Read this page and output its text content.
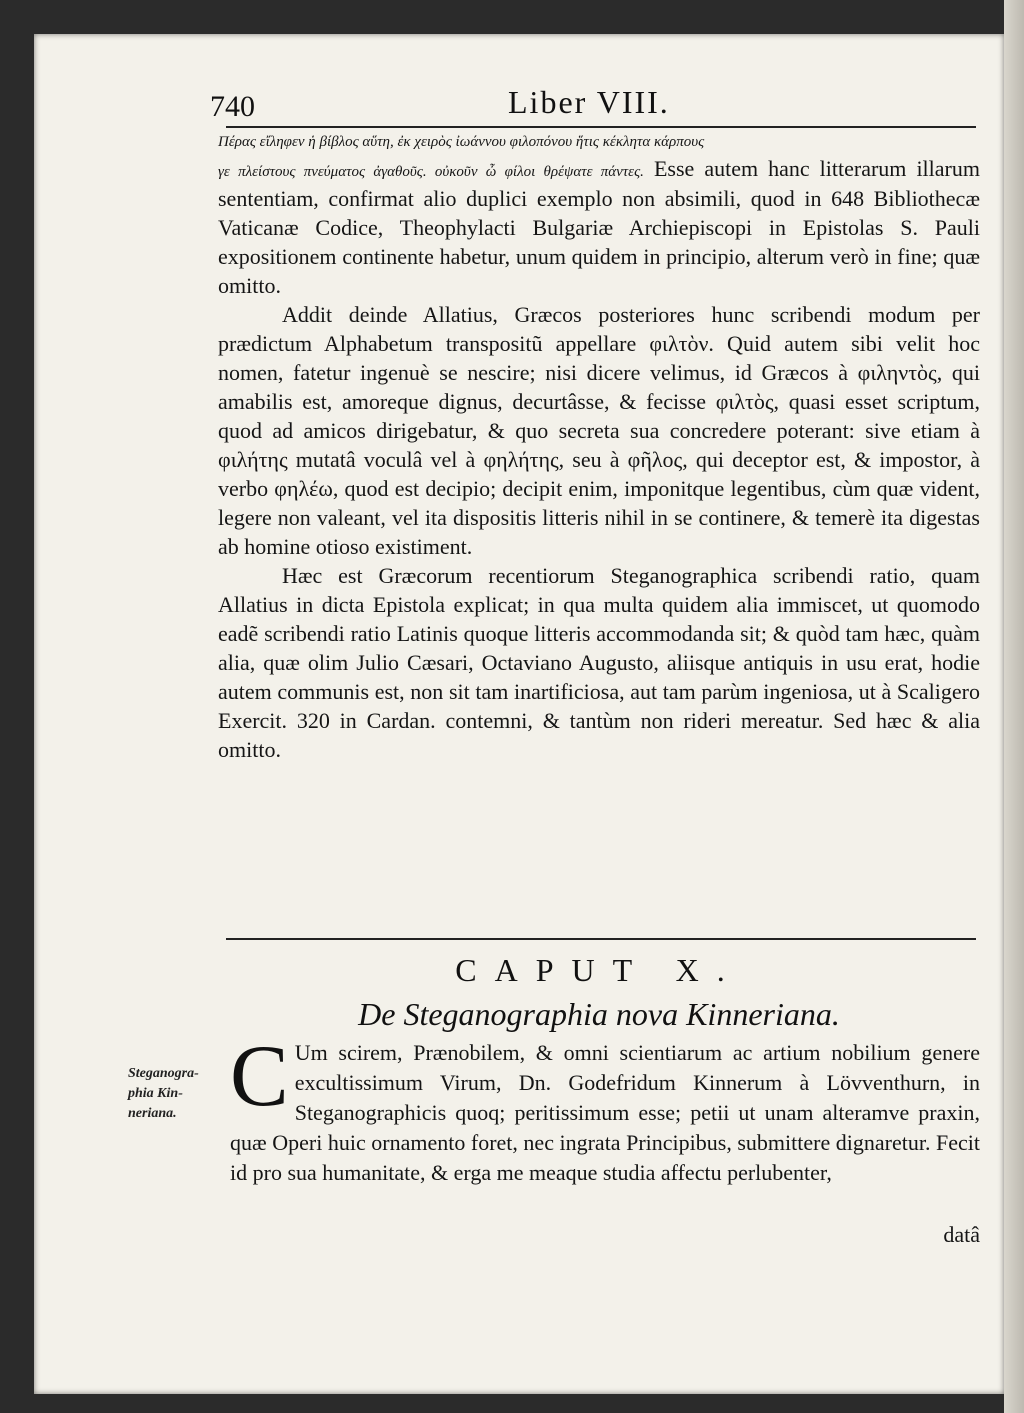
740	Liber VIII.

Πέρας εἴληφεν ἡ βίβλος αὕτη, ἐκ χειρὸς ἰωάννου φιλοπόνου ἥτις κέκλητα κάρπους

γε πλείστους πνεύματος ἀγαθοῦς. οὐκοῦν ὦ φίλοι θρέψατε πάντες. Esse autem hanc litterarum illarum sententiam, confirmat alio duplici exemplo non absimili, quod in 648 Bibliothecæ Vaticanæ Codice, Theophylacti Bulgariæ Archiepiscopi in Epistolas S. Pauli expositionem continente habetur, unum quidem in principio, alterum verò in fine; quæ omitto.

Addit deinde Allatius, Græcos posteriores hunc scribendi modum per prædictum Alphabetum transpositũ appellare φιλτὸν. Quid autem sibi velit hoc nomen, fatetur ingenuè se nescire; nisi dicere velimus, id Græcos à φιληντὸς, qui amabilis est, amoreque dignus, decurtâsse, & fecisse φιλτὸς, quasi esset scriptum, quod ad amicos dirigebatur, & quo secreta sua concredere poterant: sive etiam à φιλήτης mutatâ voculâ vel à φηλήτης, seu à φῆλος, qui deceptor est, & impostor, à verbo φηλέω, quod est decipio; decipit enim, imponitque legentibus, cùm quæ vident, legere non valeant, vel ita dispositis litteris nihil in se continere, & temerè ita digestas ab homine otioso existiment.

Hæc est Græcorum recentiorum Steganographica scribendi ratio, quam Allatius in dicta Epistola explicat; in qua multa quidem alia immiscet, ut quomodo eadẽ scribendi ratio Latinis quoque litteris accommodanda sit; & quòd tam hæc, quàm alia, quæ olim Julio Cæsari, Octaviano Augusto, aliisque antiquis in usu erat, hodie autem communis est, non sit tam inartificiosa, aut tam parùm ingeniosa, ut à Scaligero Exercit. 320 in Cardan. contemni, & tantùm non rideri mereatur. Sed hæc & alia omitto.

CAPUT X.
De Steganographia nova Kinneriana.
Steganogra-
phia Kin-
neriana. C Um scirem, Prænobilem, & omni scientiarum ac artium nobilium genere excultissimum Virum, Dn. Godefridum Kinnerum à Lövventhurn, in Steganographicis quoq; peritissimum esse; petii ut unam alteramve praxin, quæ Operi huic ornamento foret, nec ingrata Principibus, submittere dignaretur. Fecit id pro sua humanitate, & erga me meaque studia affectu perlubenter,
datâ
